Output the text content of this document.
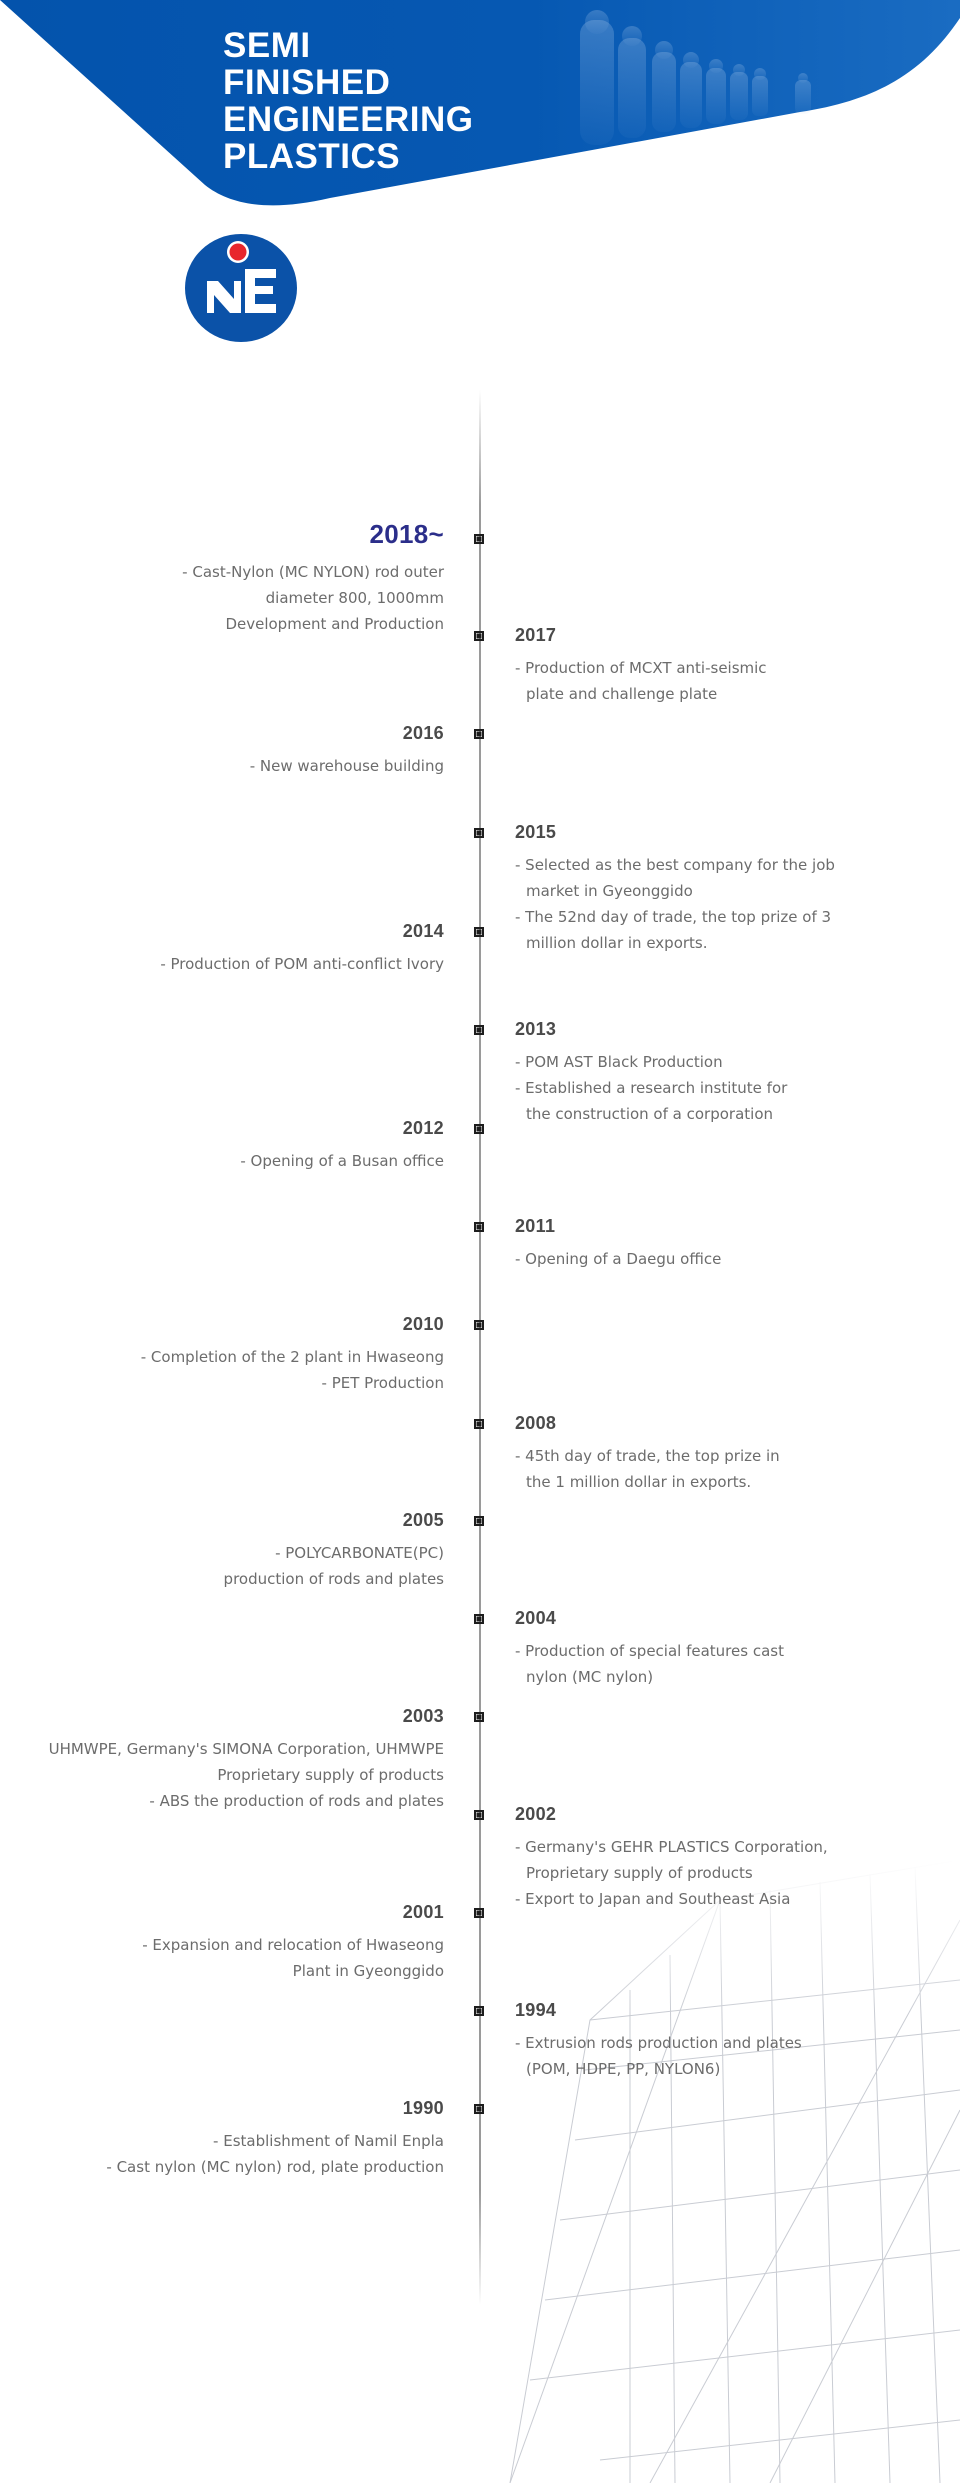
SEMI
FINISHED
ENGINEERING
PLASTICS
2018~
- Cast-Nylon (MC NYLON) rod outer
diameter 800, 1000mm
Development and Production
2017
- Production of MCXT anti-seismic plate and challenge plate
2016
- New warehouse building
2015
- Selected as the best company for the job market in Gyeonggido
- The 52nd day of trade, the top prize of 3 million dollar in exports.
2014
- Production of POM anti-conflict Ivory
2013
- POM AST Black Production
- Established a research institute for the construction of a corporation
2012
- Opening of a Busan office
2011
- Opening of a Daegu office
2010
- Completion of the 2 plant in Hwaseong
- PET Production
2008
- 45th day of trade, the top prize in the 1 million dollar in exports.
2005
- POLYCARBONATE(PC)
production of rods and plates
2004
- Production of special features cast nylon (MC nylon)
2003
UHMWPE, Germany's SIMONA Corporation, UHMWPE
Proprietary supply of products
- ABS the production of rods and plates
2002
- Germany's GEHR PLASTICS Corporation, Proprietary supply of products
- Export to Japan and Southeast Asia
2001
- Expansion and relocation of Hwaseong
Plant in Gyeonggido
1994
- Extrusion rods production and plates (POM, HDPE, PP, NYLON6)
1990
- Establishment of Namil Enpla
- Cast nylon (MC nylon) rod, plate production
